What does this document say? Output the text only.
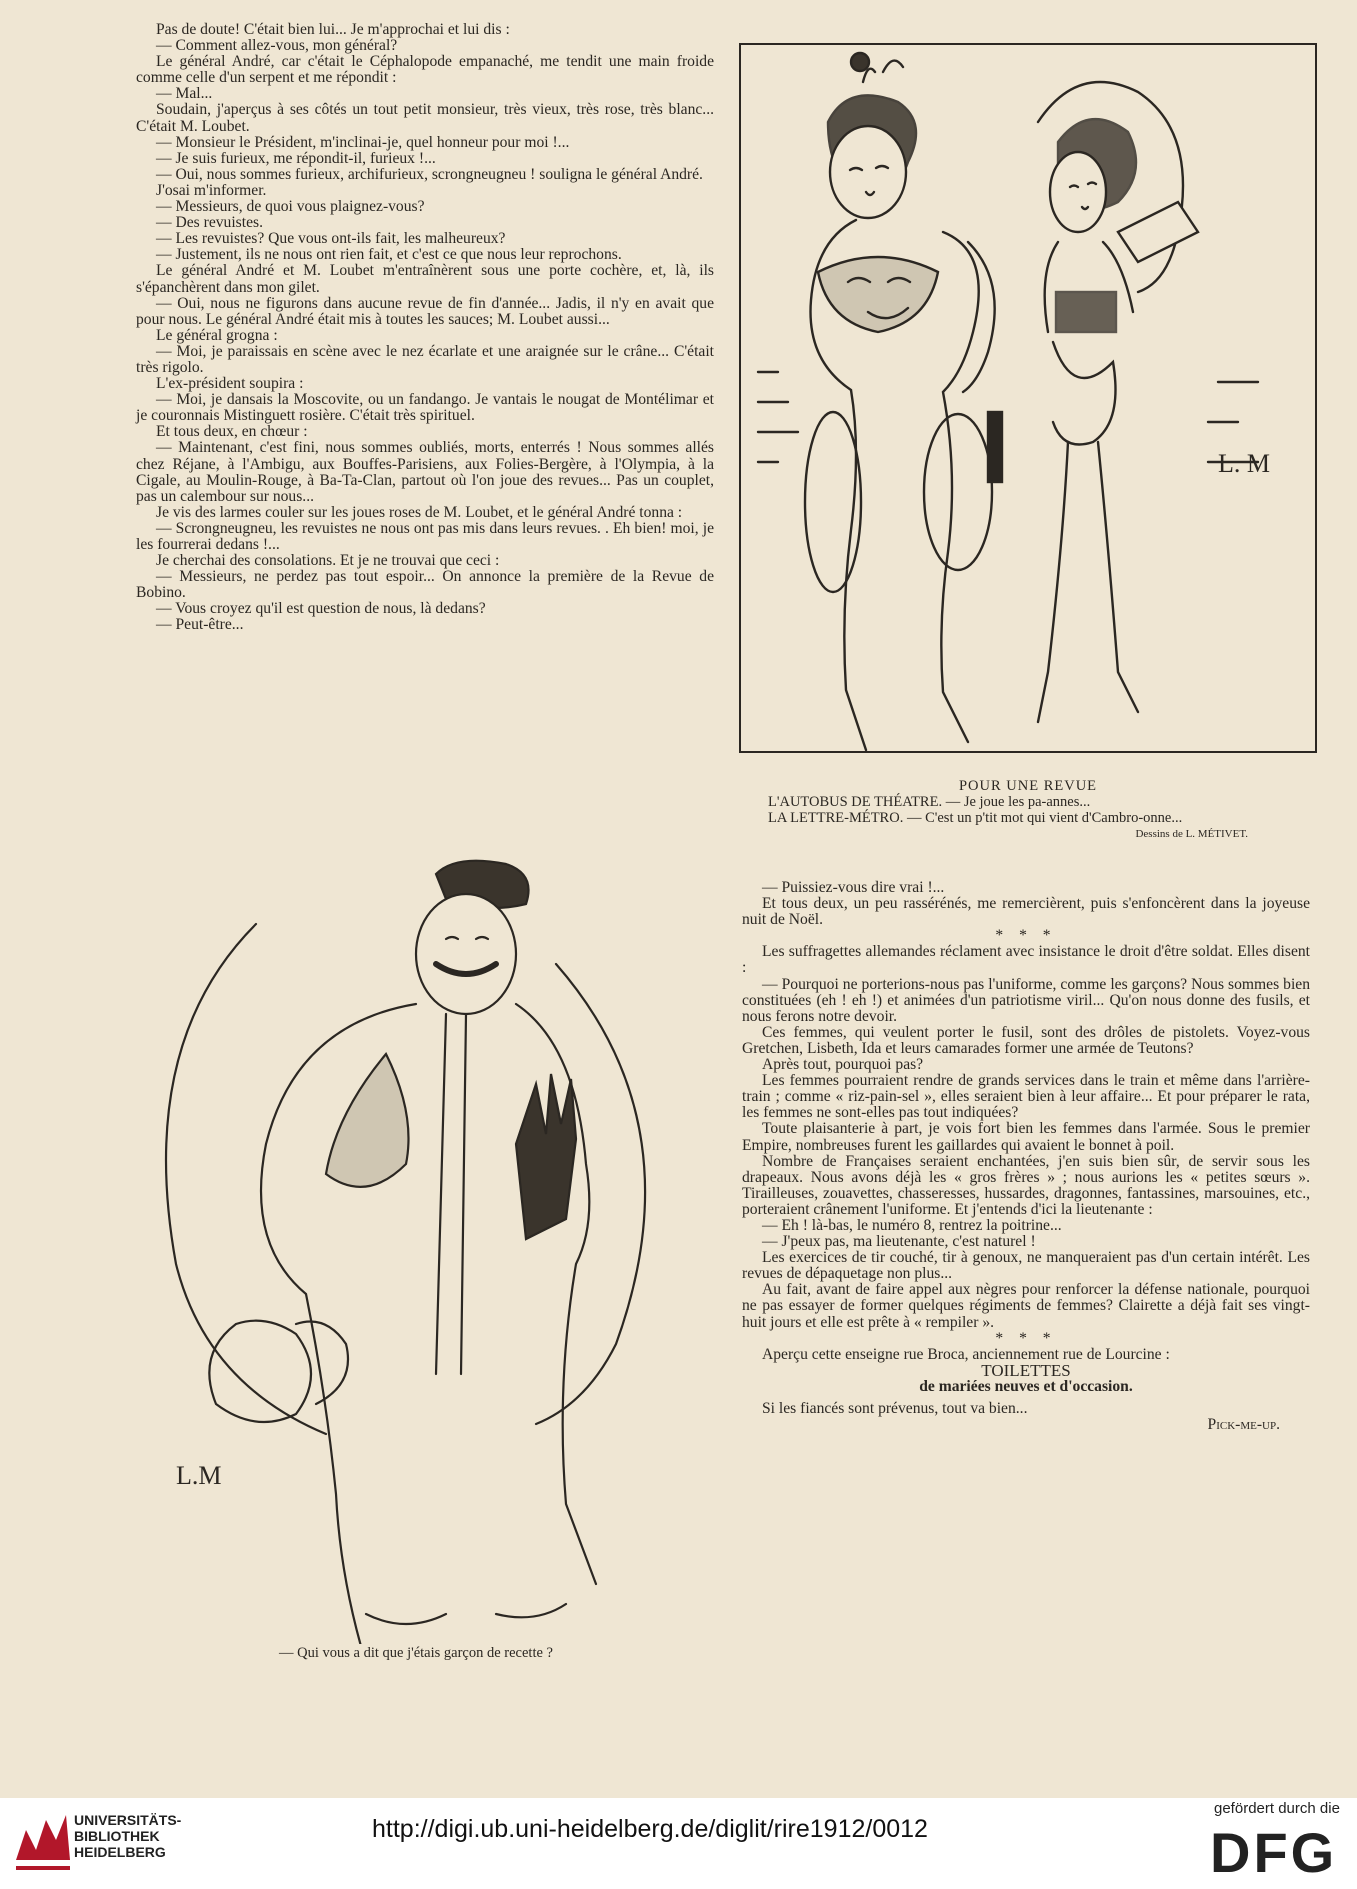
Pas de doute! C'était bien lui... Je m'approchai et lui dis :

— Comment allez-vous, mon général?

Le général André, car c'était le Céphalopode empanaché, me tendit une main froide comme celle d'un serpent et me répondit :

— Mal...

Soudain, j'aperçus à ses côtés un tout petit monsieur, très vieux, très rose, très blanc... C'était M. Loubet.

— Monsieur le Président, m'inclinai-je, quel honneur pour moi !...

— Je suis furieux, me répondit-il, furieux !...

— Oui, nous sommes furieux, archifurieux, scrongneugneu ! souligna le général André.

J'osai m'informer.

— Messieurs, de quoi vous plaignez-vous?

— Des revuistes.

— Les revuistes? Que vous ont-ils fait, les malheureux?

— Justement, ils ne nous ont rien fait, et c'est ce que nous leur reprochons.

Le général André et M. Loubet m'entraînèrent sous une porte cochère, et, là, ils s'épanchèrent dans mon gilet.

— Oui, nous ne figurons dans aucune revue de fin d'année... Jadis, il n'y en avait que pour nous. Le général André était mis à toutes les sauces; M. Loubet aussi...

Le général grogna :

— Moi, je paraissais en scène avec le nez écarlate et une araignée sur le crâne... C'était très rigolo.

L'ex-président soupira :

— Moi, je dansais la Moscovite, ou un fandango. Je vantais le nougat de Montélimar et je couronnais Mistinguett rosière. C'était très spirituel.

Et tous deux, en chœur :

— Maintenant, c'est fini, nous sommes oubliés, morts, enterrés ! Nous sommes allés chez Réjane, à l'Ambigu, aux Bouffes-Parisiens, aux Folies-Bergère, à l'Olympia, à la Cigale, au Moulin-Rouge, à Ba-Ta-Clan, partout où l'on joue des revues... Pas un couplet, pas un calembour sur nous...

Je vis des larmes couler sur les joues roses de M. Loubet, et le général André tonna :

— Scrongneugneu, les revuistes ne nous ont pas mis dans leurs revues. . Eh bien! moi, je les fourrerai dedans !...

Je cherchai des consolations. Et je ne trouvai que ceci :

— Messieurs, ne perdez pas tout espoir... On annonce la première de la Revue de Bobino.

— Vous croyez qu'il est question de nous, là dedans?

— Peut-être...

L. M
POUR UNE REVUE
L'AUTOBUS DE THÉATRE. — Je joue les pa-annes...
LA LETTRE-MÉTRO. — C'est un p'tit mot qui vient d'Cambro-onne...
Dessins de L. MÉTIVET.
L.M
— Qui vous a dit que j'étais garçon de recette ?

— Puissiez-vous dire vrai !...

Et tous deux, un peu rassérénés, me remercièrent, puis s'enfoncèrent dans la joyeuse nuit de Noël.

* * *

Les suffragettes allemandes réclament avec insistance le droit d'être soldat. Elles disent :

— Pourquoi ne porterions-nous pas l'uniforme, comme les garçons? Nous sommes bien constituées (eh ! eh !) et animées d'un patriotisme viril... Qu'on nous donne des fusils, et nous ferons notre devoir.

Ces femmes, qui veulent porter le fusil, sont des drôles de pistolets. Voyez-vous Gretchen, Lisbeth, Ida et leurs camarades former une armée de Teutons?

Après tout, pourquoi pas?

Les femmes pourraient rendre de grands services dans le train et même dans l'arrière-train ; comme « riz-pain-sel », elles seraient bien à leur affaire... Et pour préparer le rata, les femmes ne sont-elles pas tout indiquées?

Toute plaisanterie à part, je vois fort bien les femmes dans l'armée. Sous le premier Empire, nombreuses furent les gaillardes qui avaient le bonnet à poil.

Nombre de Françaises seraient enchantées, j'en suis bien sûr, de servir sous les drapeaux. Nous avons déjà les « gros frères » ; nous aurions les « petites sœurs ». Tirailleuses, zouavettes, chasseresses, hussardes, dragonnes, fantassines, marsouines, etc., porteraient crânement l'uniforme. Et j'entends d'ici la lieutenante :

— Eh ! là-bas, le numéro 8, rentrez la poitrine...

— J'peux pas, ma lieutenante, c'est naturel !

Les exercices de tir couché, tir à genoux, ne manqueraient pas d'un certain intérêt. Les revues de dépaquetage non plus...

Au fait, avant de faire appel aux nègres pour renforcer la défense nationale, pourquoi ne pas essayer de former quelques régiments de femmes? Clairette a déjà fait ses vingt-huit jours et elle est prête à « rempiler ».

* * *

Aperçu cette enseigne rue Broca, anciennement rue de Lourcine :

TOILETTES

de mariées neuves et d'occasion.

Si les fiancés sont prévenus, tout va bien...

Pick-me-up.

UNIVERSITÄTS-
BIBLIOTHEK
HEIDELBERG
http://digi.ub.uni-heidelberg.de/diglit/rire1912/0012
gefördert durch die
DFG
